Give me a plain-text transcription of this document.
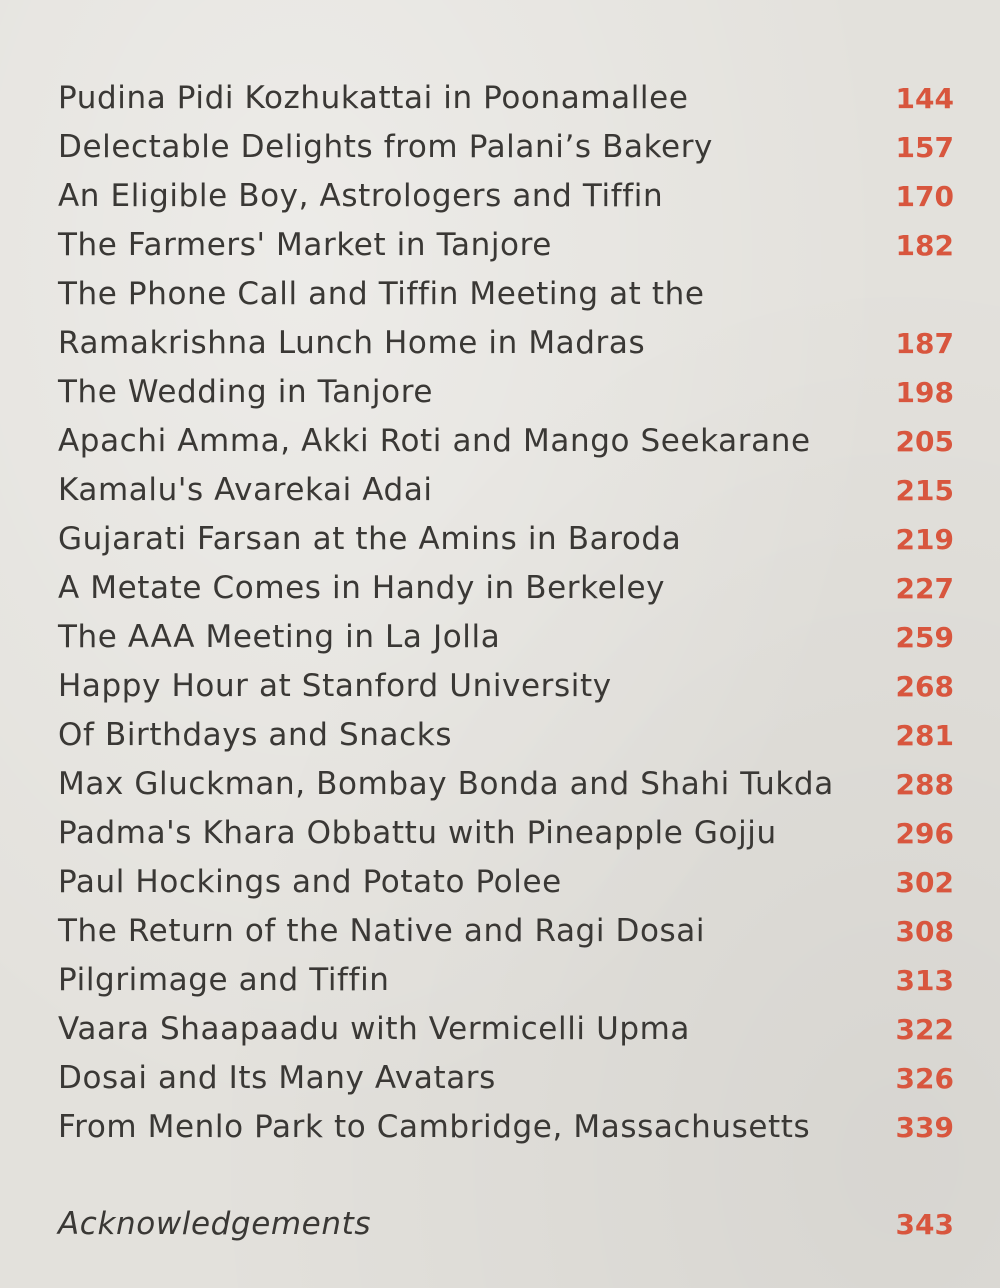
Pudina Pidi Kozhukattai in Poonamallee	144
Delectable Delights from Palani’s Bakery	157
An Eligible Boy, Astrologers and Tiffin	170
The Farmers' Market in Tanjore	182
The Phone Call and Tiffin Meeting at the
Ramakrishna Lunch Home in Madras	187
The Wedding in Tanjore	198
Apachi Amma, Akki Roti and Mango Seekarane	205
Kamalu's Avarekai Adai	215
Gujarati Farsan at the Amins in Baroda	219
A Metate Comes in Handy in Berkeley	227
The AAA Meeting in La Jolla	259
Happy Hour at Stanford University	268
Of Birthdays and Snacks	281
Max Gluckman, Bombay Bonda and Shahi Tukda	288
Padma's Khara Obbattu with Pineapple Gojju	296
Paul Hockings and Potato Polee	302
The Return of the Native and Ragi Dosai	308
Pilgrimage and Tiffin	313
Vaara Shaapaadu with Vermicelli Upma	322
Dosai and Its Many Avatars	326
From Menlo Park to Cambridge, Massachusetts	339
Acknowledgements	343
